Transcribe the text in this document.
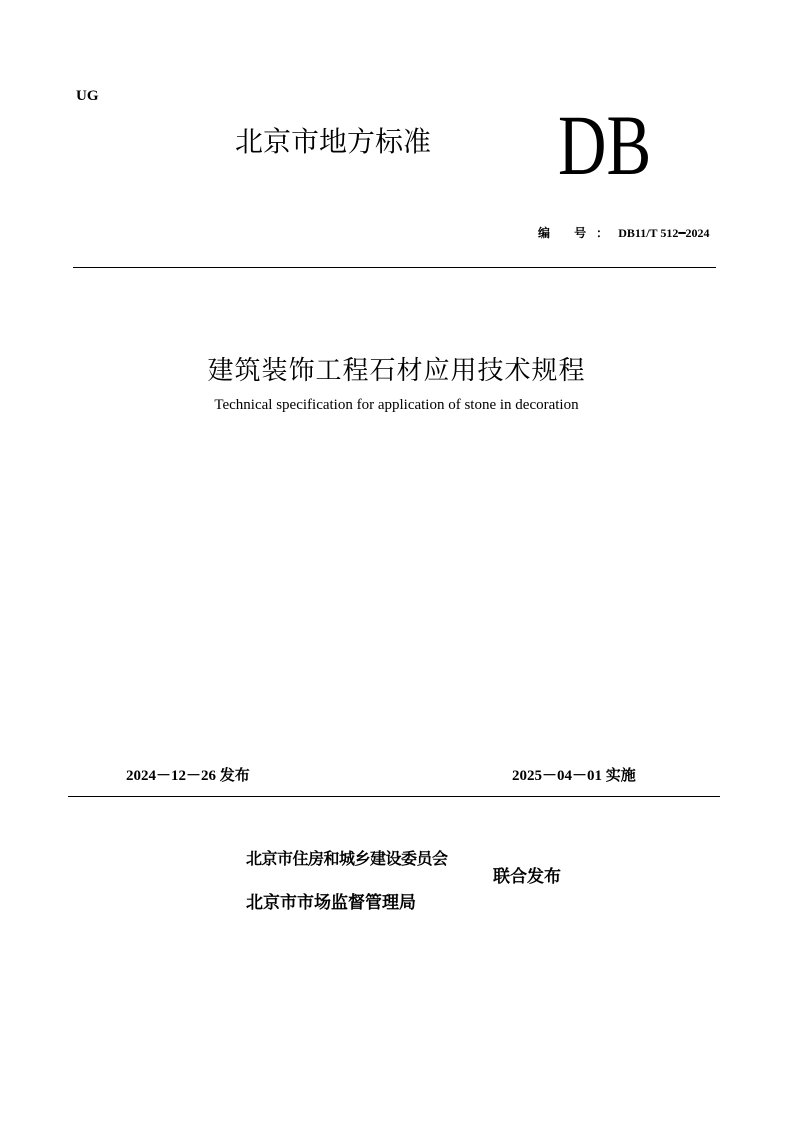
UG
北京市地方标准 DB
编 号：DB11/T 512━2024
建筑装饰工程石材应用技术规程
Technical specification for application of stone in decoration
2024－12－26 发布	2025－04－01 实施
北京市住房和城乡建设委员会
北京市市场监督管理局
联合发布
